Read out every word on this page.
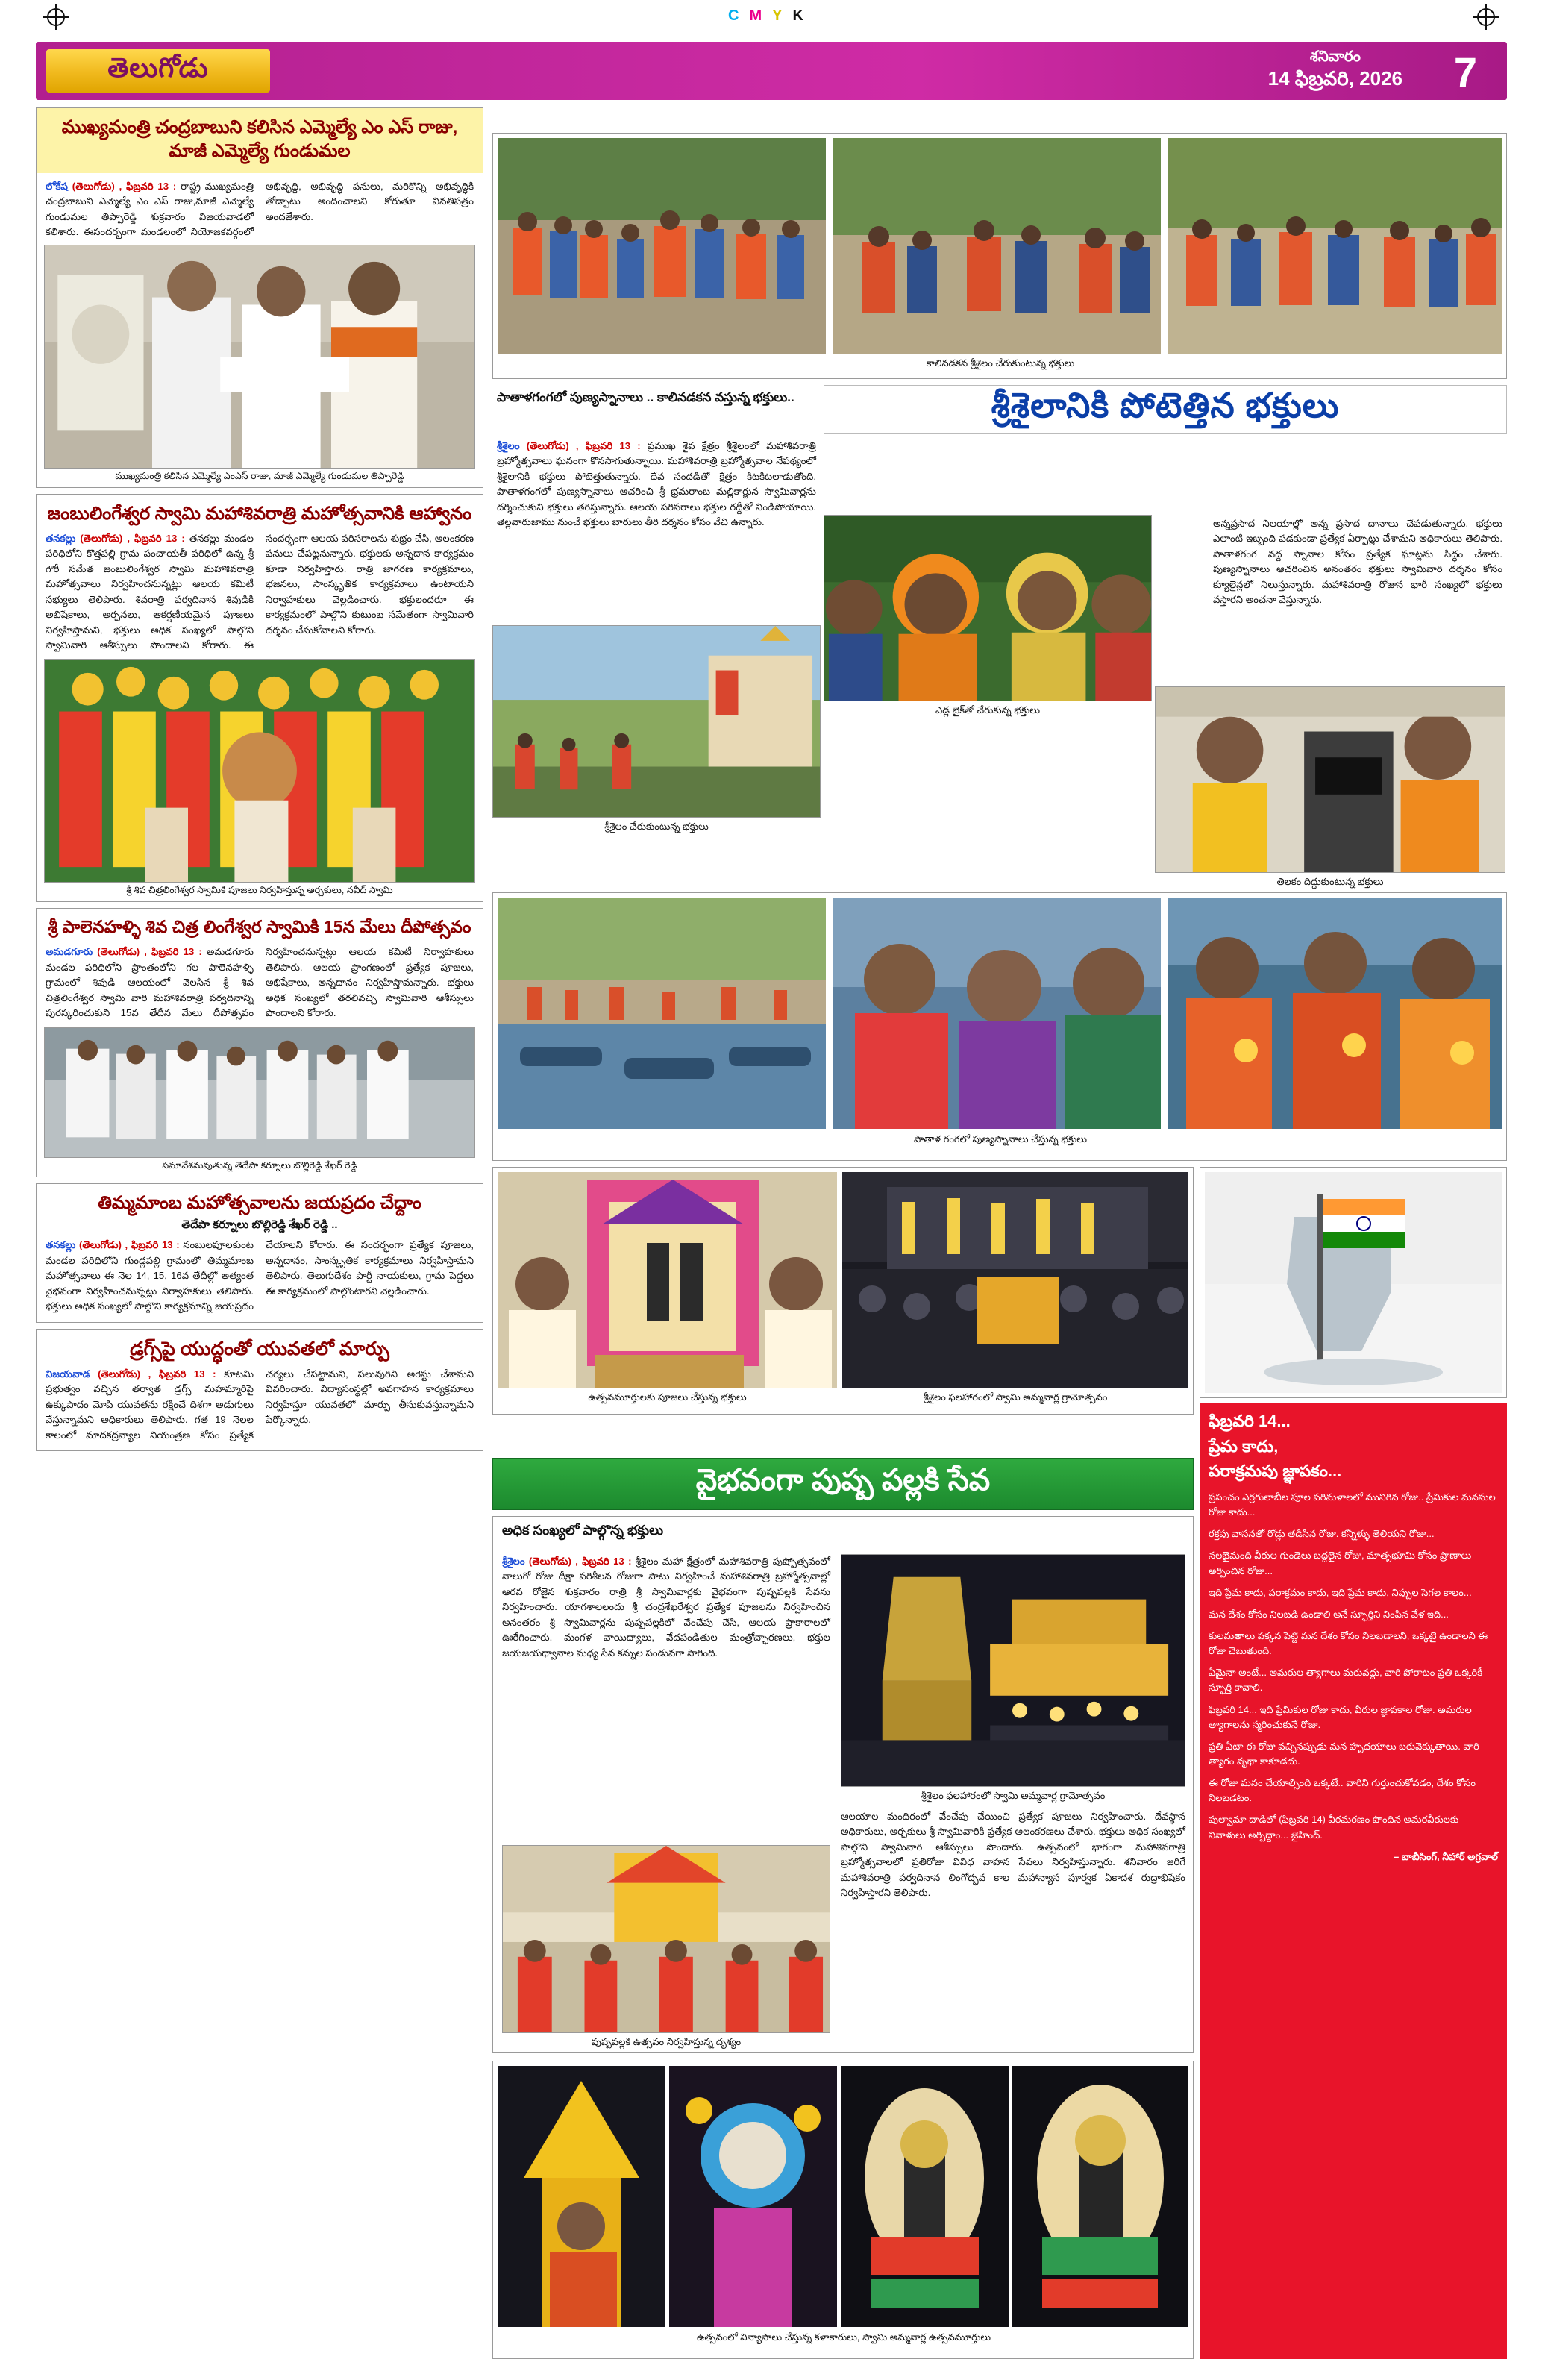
CMYK
తెలుగోడు	శనివారం
14 ఫిబ్రవరి, 2026 7
ముఖ్యమంత్రి చంద్రబాబుని కలిసిన ఎమ్మెల్యే ఎం ఎస్ రాజు, మాజీ ఎమ్మెల్యే గుండుమల
లోకేష (తెలుగోడు) , ఫిబ్రవరి 13 : రాష్ట్ర ముఖ్యమంత్రి చంద్రబాబుని ఎమ్మెల్యే ఎం ఎస్ రాజు,మాజీ ఎమ్మెల్యే గుండుమల తిప్పారెడ్డి శుక్రవారం విజయవాడలో కలిశారు. ఈసందర్భంగా మండలంలో నియోజకవర్గంలో అభివృద్ధి, అభివృద్ధి పనులు, మరికొన్ని అభివృద్ధికి తోడ్పాటు అందించాలని కోరుతూ వినతిపత్రం అందజేశారు.
ముఖ్యమంత్రి కలిసిన ఎమ్మెల్యే ఎంఎస్ రాజు, మాజీ ఎమ్మెల్యే గుండుమల తిప్పారెడ్డి
జంబులింగేశ్వర స్వామి మహాశివరాత్రి మహోత్సవానికి ఆహ్వానం
తనకల్లు (తెలుగోడు) , ఫిబ్రవరి 13 : తనకల్లు మండల పరిధిలోని కొత్తపల్లి గ్రామ పంచాయతీ పరిధిలో ఉన్న శ్రీ గౌరీ సమేత జంబులింగేశ్వర స్వామి మహాశివరాత్రి మహోత్సవాలు నిర్వహించనున్నట్లు ఆలయ కమిటీ సభ్యులు తెలిపారు. శివరాత్రి పర్వదినాన శివుడికి అభిషేకాలు, అర్చనలు, ఆకర్షణీయమైన పూజలు నిర్వహిస్తామని, భక్తులు అధిక సంఖ్యలో పాల్గొని స్వామివారి ఆశీస్సులు పొందాలని కోరారు. ఈ సందర్భంగా ఆలయ పరిసరాలను శుభ్రం చేసి, అలంకరణ పనులు చేపట్టనున్నారు. భక్తులకు అన్నదాన కార్యక్రమం కూడా నిర్వహిస్తారు. రాత్రి జాగరణ కార్యక్రమాలు, భజనలు, సాంస్కృతిక కార్యక్రమాలు ఉంటాయని నిర్వాహకులు వెల్లడించారు. భక్తులందరూ ఈ కార్యక్రమంలో పాల్గొని కుటుంబ సమేతంగా స్వామివారి దర్శనం చేసుకోవాలని కోరారు.
శ్రీ శివ చిత్రలింగేశ్వర స్వామికి పూజలు నిర్వహిస్తున్న అర్చకులు, నవీద్ స్వామి
శ్రీ పాలెనహళ్ళి శివ చిత్ర లింగేశ్వర స్వామికి 15న మేలు దీపోత్సవం
అమడగూరు (తెలుగోడు) , ఫిబ్రవరి 13 : అమడగూరు మండల పరిధిలోని ప్రాంతంలోని గల పాలెనహళ్ళి గ్రామంలో శివుడి ఆలయంలో వెలసిన శ్రీ శివ చిత్రలింగేశ్వర స్వామి వారి మహాశివరాత్రి పర్వదినాన్ని పురస్కరించుకుని 15వ తేదీన మేలు దీపోత్సవం నిర్వహించనున్నట్లు ఆలయ కమిటీ నిర్వాహకులు తెలిపారు. ఆలయ ప్రాంగణంలో ప్రత్యేక పూజలు, అభిషేకాలు, అన్నదానం నిర్వహిస్తామన్నారు. భక్తులు అధిక సంఖ్యలో తరలివచ్చి స్వామివారి ఆశీస్సులు పొందాలని కోరారు.
సమావేశమవుతున్న తెదేపా కర్నూలు బొల్లిరెడ్డి శేఖర్ రెడ్డి
తిమ్మమాంబ మహోత్సవాలను జయప్రదం చేద్దాం
తెదేపా కర్నూలు బొల్లిరెడ్డి శేఖర్ రెడ్డి ..
తనకల్లు (తెలుగోడు) , ఫిబ్రవరి 13 : నంబులపూలకుంట మండల పరిధిలోని గుండ్లపల్లి గ్రామంలో తిమ్మమాంబ మహోత్సవాలు ఈ నెల 14, 15, 16వ తేదీల్లో అత్యంత వైభవంగా నిర్వహించనున్నట్లు నిర్వాహకులు తెలిపారు. భక్తులు అధిక సంఖ్యలో పాల్గొని కార్యక్రమాన్ని జయప్రదం చేయాలని కోరారు. ఈ సందర్భంగా ప్రత్యేక పూజలు, అన్నదానం, సాంస్కృతిక కార్యక్రమాలు నిర్వహిస్తామని తెలిపారు. తెలుగుదేశం పార్టీ నాయకులు, గ్రామ పెద్దలు ఈ కార్యక్రమంలో పాల్గొంటారని వెల్లడించారు.
డ్రగ్స్‌పై యుద్ధంతో యువతలో మార్పు
విజయవాడ (తెలుగోడు) , ఫిబ్రవరి 13 : కూటమి ప్రభుత్వం వచ్చిన తర్వాత డ్రగ్స్ మహమ్మారిపై ఉక్కుపాదం మోపి యువతను రక్షించే దిశగా అడుగులు వేస్తున్నామని అధికారులు తెలిపారు. గత 19 నెలల కాలంలో మాదకద్రవ్యాల నియంత్రణ కోసం ప్రత్యేక చర్యలు చేపట్టామని, పలువురిని అరెస్టు చేశామని వివరించారు. విద్యాసంస్థల్లో అవగాహన కార్యక్రమాలు నిర్వహిస్తూ యువతలో మార్పు తీసుకువస్తున్నామని పేర్కొన్నారు.
కాలినడకన శ్రీశైలం చేరుకుంటున్న భక్తులు
పాతాళగంగలో పుణ్యస్నానాలు .. కాలినడకన వస్తున్న భక్తులు..	శ్రీశైలానికి పోటెత్తిన భక్తులు
శ్రీశైలం (తెలుగోడు) , ఫిబ్రవరి 13 : ప్రముఖ శైవ క్షేత్రం శ్రీశైలంలో మహాశివరాత్రి బ్రహ్మోత్సవాలు ఘనంగా కొనసాగుతున్నాయి. మహాశివరాత్రి బ్రహ్మోత్సవాల నేపథ్యంలో శ్రీశైలానికి భక్తులు పోటెత్తుతున్నారు. దేవ సందడితో క్షేత్రం కిటకిటలాడుతోంది. పాతాళగంగలో పుణ్యస్నానాలు ఆచరించి శ్రీ భ్రమరాంబ మల్లికార్జున స్వామివార్లను దర్శించుకుని భక్తులు తరిస్తున్నారు. ఆలయ పరిసరాలు భక్తుల రద్దీతో నిండిపోయాయి. తెల్లవారుజాము నుంచే భక్తులు బారులు తీరి దర్శనం కోసం వేచి ఉన్నారు.	అన్నప్రసాద నిలయాల్లో అన్న ప్రసాద దానాలు చేపడుతున్నారు. భక్తులు ఎలాంటి ఇబ్బంది పడకుండా ప్రత్యేక ఏర్పాట్లు చేశామని అధికారులు తెలిపారు. పాతాళగంగ వద్ద స్నానాల కోసం ప్రత్యేక ఘాట్లను సిద్ధం చేశారు. పుణ్యస్నానాలు ఆచరించిన అనంతరం భక్తులు స్వామివారి దర్శనం కోసం క్యూలైన్లలో నిలుస్తున్నారు. మహాశివరాత్రి రోజున భారీ సంఖ్యలో భక్తులు వస్తారని అంచనా వేస్తున్నారు.
ఎడ్ల బైక్‌తో చేరుకున్న భక్తులు
శ్రీశైలం చేరుకుంటున్న భక్తులు
తిలకం దిద్దుకుంటున్న భక్తులు
పాతాళ గంగలో పుణ్యస్నానాలు చేస్తున్న భక్తులు
ఉత్సవమూర్తులకు పూజలు చేస్తున్న భక్తులు	శ్రీశైలం ఫలహారంలో స్వామి అమ్మవార్ల గ్రామోత్సవం
వైభవంగా పుష్ప పల్లకి సేవ
అధిక సంఖ్యలో పాల్గొన్న భక్తులు
శ్రీశైలం (తెలుగోడు) , ఫిబ్రవరి 13 : శ్రీశైలం మహా క్షేత్రంలో మహాశివరాత్రి పుష్పోత్సవంలో నాలుగో రోజు దీక్షా పరిశీలన రోజుగా పాటు నిర్వహించే మహాశివరాత్రి బ్రహ్మోత్సవాల్లో ఆరవ రోజైన శుక్రవారం రాత్రి శ్రీ స్వామివార్లకు వైభవంగా పుష్పపల్లకి సేవను నిర్వహించారు. యాగశాలలందు శ్రీ చంద్రశేఖరేశ్వర ప్రత్యేక పూజలను నిర్వహించిన అనంతరం శ్రీ స్వామివార్లను పుష్పపల్లకిలో వేంచేపు చేసి, ఆలయ ప్రాకారాలలో ఊరేగించారు. మంగళ వాయిద్యాలు, వేదపండితుల మంత్రోచ్ఛారణలు, భక్తుల జయజయధ్వానాల మధ్య సేవ కన్నుల పండువగా సాగింది.
శ్రీశైలం ఫలహారంలో స్వామి అమ్మవార్ల గ్రామోత్సవం
ఆలయాల మందిరంలో వేంచేపు చేయించి ప్రత్యేక పూజలు నిర్వహించారు. దేవస్థాన అధికారులు, అర్చకులు శ్రీ స్వామివారికి ప్రత్యేక అలంకరణలు చేశారు. భక్తులు అధిక సంఖ్యలో పాల్గొని స్వామివారి ఆశీస్సులు పొందారు. ఉత్సవంలో భాగంగా మహాశివరాత్రి బ్రహ్మోత్సవాలలో ప్రతిరోజు వివిధ వాహన సేవలు నిర్వహిస్తున్నారు. శనివారం జరిగే మహాశివరాత్రి పర్వదినాన లింగోద్భవ కాల మహాన్యాస పూర్వక ఏకాదశ రుద్రాభిషేకం నిర్వహిస్తారని తెలిపారు.
పుష్పపల్లకి ఉత్సవం నిర్వహిస్తున్న దృశ్యం
ఉత్సవంలో విన్యాసాలు చేస్తున్న కళాకారులు, స్వామి అమ్మవార్ల ఉత్సవమూర్తులు
ఫిబ్రవరి 14...
ప్రేమ కాదు,
పరాక్రమపు జ్ఞాపకం...

ప్రపంచం ఎర్రగులాబీల పూల పరిమళాలలో మునిగిన రోజు.. ప్రేమికుల మనసుల రోజు కాదు...

రక్తపు వాసనతో రోడ్లు తడిసిన రోజు. కన్నీళ్ళు తెలియని రోజు...

నలభైమంది వీరుల గుండెలు బద్దలైన రోజు, మాతృభూమి కోసం ప్రాణాలు అర్పించిన రోజు...

ఇది ప్రేమ కాదు, పరాక్రమం కాదు, ఇది ప్రేమ కాదు, నిప్పుల సెగల కాలం...

మన దేశం కోసం నిలబడి ఉండాలి అనే స్ఫూర్తిని నింపిన వేళ ఇది...

కులమతాలు పక్కన పెట్టి మన దేశం కోసం నిలబడాలని, ఒక్కటై ఉండాలని ఈ రోజు చెబుతుంది.

ఏమైనా అంటే... అమరుల త్యాగాలు మరువద్దు, వారి పోరాటం ప్రతి ఒక్కరికీ స్ఫూర్తి కావాలి.

ఫిబ్రవరి 14... ఇది ప్రేమికుల రోజు కాదు, వీరుల జ్ఞాపకాల రోజు. అమరుల త్యాగాలను స్మరించుకునే రోజు.

ప్రతి ఏటా ఈ రోజు వచ్చినప్పుడు మన హృదయాలు బరువెక్కుతాయి. వారి త్యాగం వృథా కాకూడదు.

ఈ రోజు మనం చేయాల్సింది ఒక్కటే.. వారిని గుర్తుంచుకోవడం, దేశం కోసం నిలబడటం.

పుల్వామా దాడిలో (ఫిబ్రవరి 14) వీరమరణం పొందిన అమరవీరులకు నివాళులు అర్పిద్దాం... జైహింద్.

– బాబీసింగ్, నీహార్ అగ్రవాల్
